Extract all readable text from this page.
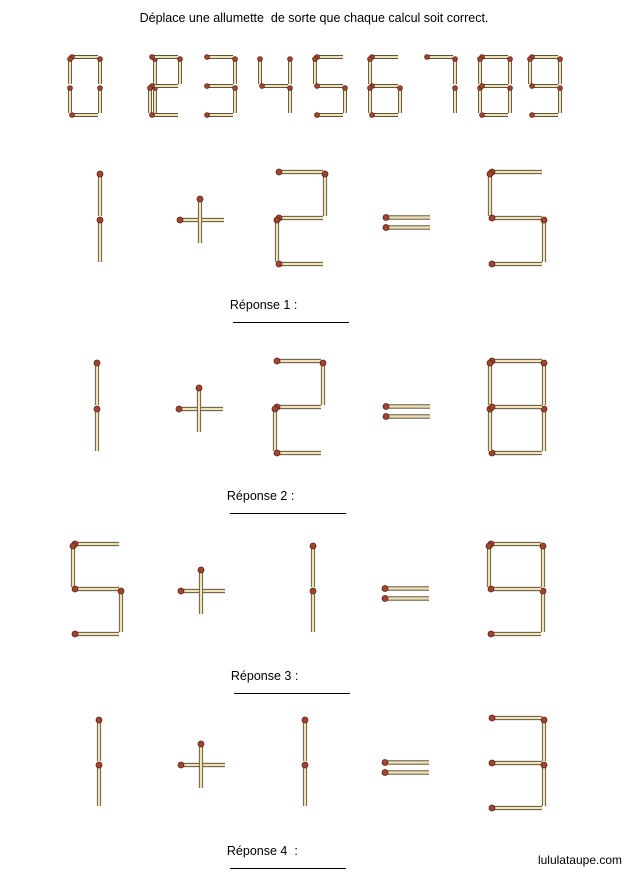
Déplace une allumette  de sorte que chaque calcul soit correct.

Réponse 1 :

Réponse 2 :

Réponse 3 :

Réponse 4  :

lululataupe.com
